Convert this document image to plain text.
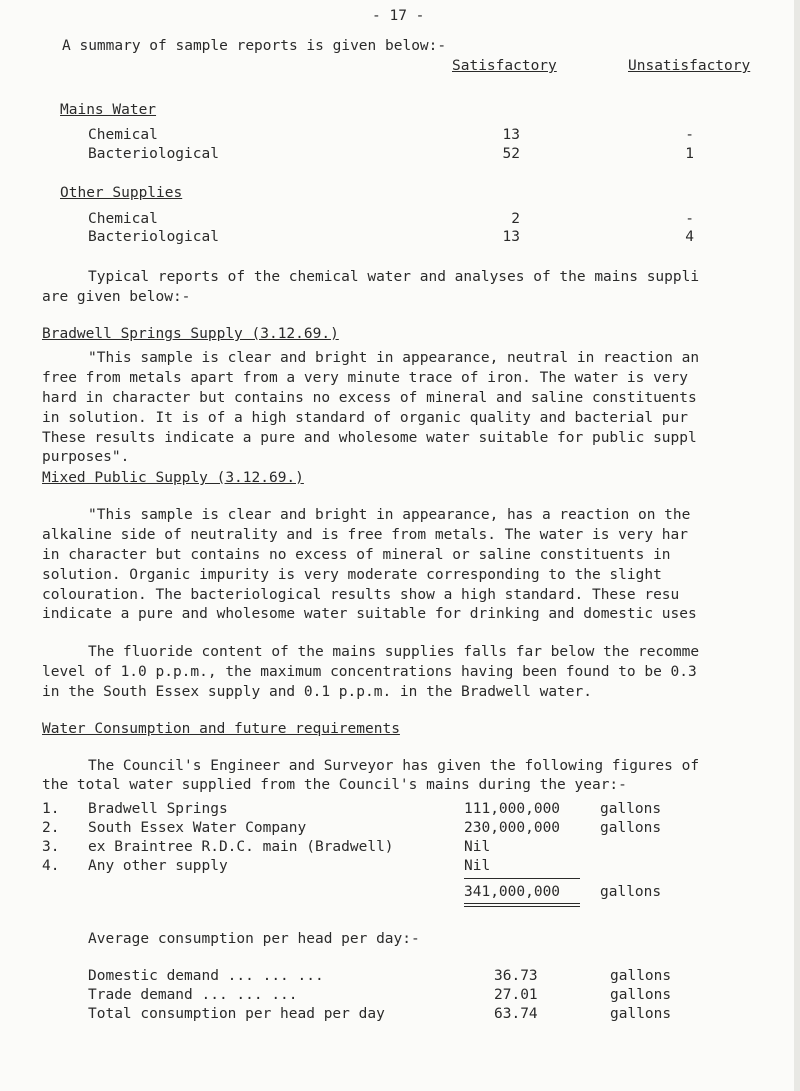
- 17 -
A summary of sample reports is given below:-
Satisfactory	Unsatisfactory
Mains Water
Chemical	13	-
Bacteriological	52	1
Other Supplies
Chemical	2	-
Bacteriological	13	4
Typical reports of the chemical water and analyses of the mains suppli
are given below:-
Bradwell Springs Supply (3.12.69.)
"This sample is clear and bright in appearance, neutral in reaction an
free from metals apart from a very minute trace of iron. The water is very
hard in character but contains no excess of mineral and saline constituents
in solution. It is of a high standard of organic quality and bacterial pur
These results indicate a pure and wholesome water suitable for public suppl
purposes".
Mixed Public Supply (3.12.69.)
"This sample is clear and bright in appearance, has a reaction on the
alkaline side of neutrality and is free from metals. The water is very har
in character but contains no excess of mineral or saline constituents in
solution. Organic impurity is very moderate corresponding to the slight
colouration. The bacteriological results show a high standard. These resu
indicate a pure and wholesome water suitable for drinking and domestic uses
The fluoride content of the mains supplies falls far below the recomme
level of 1.0 p.p.m., the maximum concentrations having been found to be 0.3
in the South Essex supply and 0.1 p.p.m. in the Bradwell water.
Water Consumption and future requirements
The Council's Engineer and Surveyor has given the following figures of
the total water supplied from the Council's mains during the year:-
1. Bradwell Springs	111,000,000	gallons
2. South Essex Water Company	230,000,000	gallons
3. ex Braintree R.D.C. main (Bradwell)	Nil
4. Any other supply	Nil
341,000,000	gallons
Average consumption per head per day:-
Domestic demand ... ... ...	36.73	gallons
Trade demand ... ... ...	27.01	gallons
Total consumption per head per day	63.74	gallons
